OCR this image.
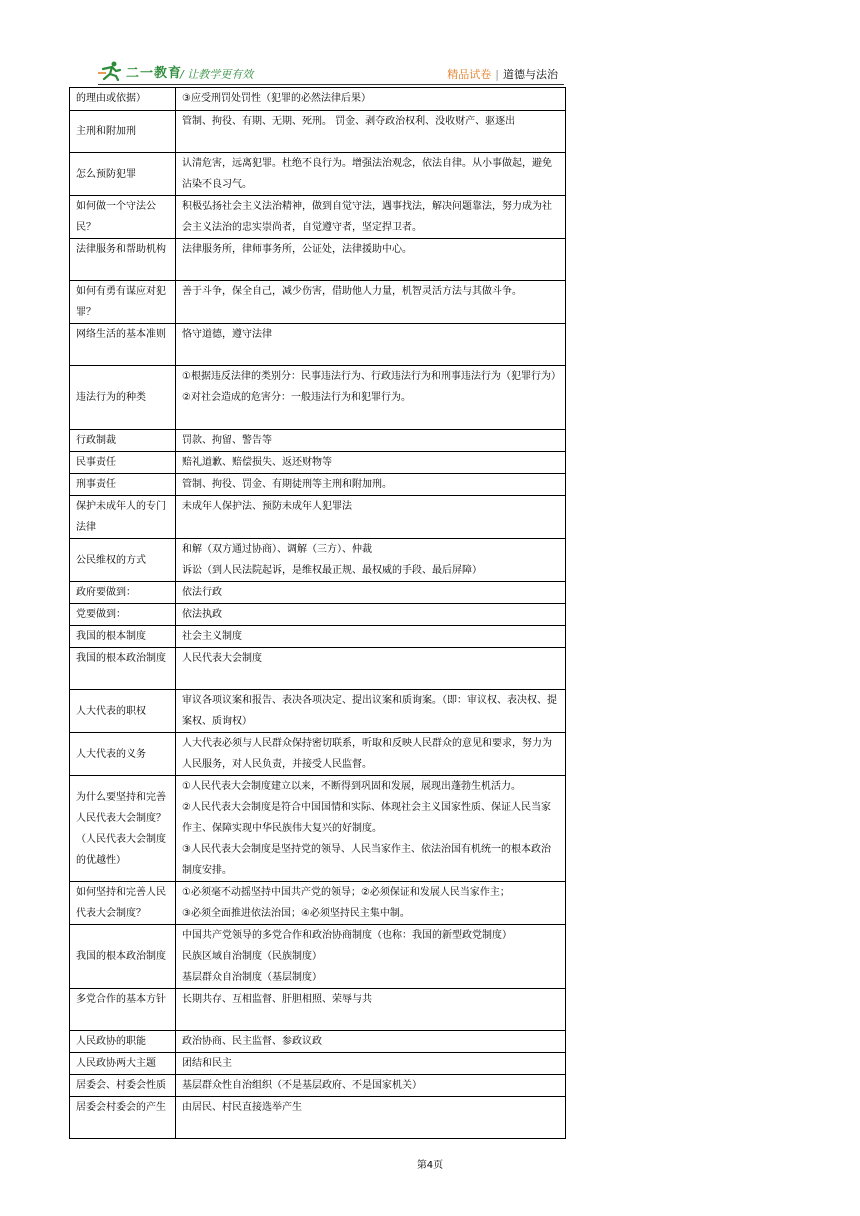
二一教育
/ 让教学更有效	精品试卷 | 道德与法治
的理由或依据）	③应受刑罚处罚性（犯罪的必然法律后果）

主刑和附加刑	管制、拘役、有期、无期、死刑。 罚金、剥夺政治权利、没收财产、驱逐出

怎么预防犯罪	认清危害，远离犯罪。杜绝不良行为。增强法治观念，依法自律。从小事做起，避免沾染不良习气。

如何做一个守法公民？	积极弘扬社会主义法治精神，做到自觉守法，遇事找法，解决问题靠法，努力成为社会主义法治的忠实崇尚者，自觉遵守者，坚定捍卫者。

法律服务和帮助机构	法律服务所，律师事务所，公证处，法律援助中心。

如何有勇有谋应对犯罪？	善于斗争，保全自己，减少伤害，借助他人力量，机智灵活方法与其做斗争。

网络生活的基本准则	恪守道德，遵守法律

违法行为的种类	①根据违反法律的类别分：民事违法行为、行政违法行为和刑事违法行为（犯罪行为）
②对社会造成的危害分：一般违法行为和犯罪行为。

行政制裁	罚款、拘留、警告等

民事责任	赔礼道歉、赔偿损失、返还财物等

刑事责任	管制、拘役、罚金、有期徒刑等主刑和附加刑。

保护未成年人的专门法律	未成年人保护法、预防未成年人犯罪法

公民维权的方式	和解（双方通过协商）、调解（三方）、仲裁
诉讼（到人民法院起诉，是维权最正规、最权威的手段、最后屏障）

政府要做到：	依法行政

党要做到：	依法执政

我国的根本制度	社会主义制度

我国的根本政治制度	人民代表大会制度

人大代表的职权	审议各项议案和报告、表决各项决定、提出议案和质询案。（即：审议权、表决权、提案权、质询权）

人大代表的义务	人大代表必须与人民群众保持密切联系，听取和反映人民群众的意见和要求，努力为人民服务，对人民负责，并接受人民监督。

为什么要坚持和完善人民代表大会制度？（人民代表大会制度的优越性）	①人民代表大会制度建立以来，不断得到巩固和发展，展现出蓬勃生机活力。
②人民代表大会制度是符合中国国情和实际、体现社会主义国家性质、保证人民当家作主、保障实现中华民族伟大复兴的好制度。
③人民代表大会制度是坚持党的领导、人民当家作主、依法治国有机统一的根本政治制度安排。

如何坚持和完善人民代表大会制度？	①必须毫不动摇坚持中国共产党的领导；②必须保证和发展人民当家作主；
③必须全面推进依法治国；④必须坚持民主集中制。

我国的根本政治制度	中国共产党领导的多党合作和政治协商制度（也称：我国的新型政党制度）
民族区域自治制度（民族制度）
基层群众自治制度（基层制度）

多党合作的基本方针	长期共存、互相监督、肝胆相照、荣辱与共

人民政协的职能	政治协商、民主监督、参政议政

人民政协两大主题	团结和民主

居委会、村委会性质	基层群众性自治组织（不是基层政府、不是国家机关）

居委会村委会的产生	由居民、村民直接选举产生
第4页
